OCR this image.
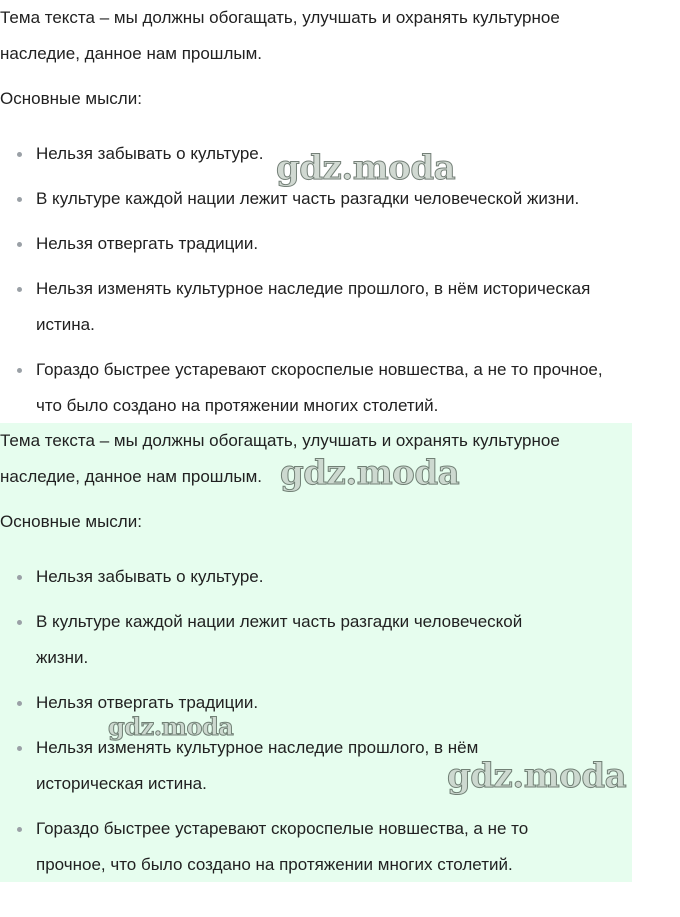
Тема текста – мы должны обогащать, улучшать и охранять культурное
наследие, данное нам прошлым.

Основные мысли:

Нельзя забывать о культуре.
В культуре каждой нации лежит часть разгадки человеческой жизни.
Нельзя отвергать традиции.
Нельзя изменять культурное наследие прошлого, в нём историческая
истина.
Гораздо быстрее устаревают скороспелые новшества, а не то прочное,
что было создано на протяжении многих столетий.

Тема текста – мы должны обогащать, улучшать и охранять культурное
наследие, данное нам прошлым.

Основные мысли:

Нельзя забывать о культуре.
В культуре каждой нации лежит часть разгадки человеческой
жизни.
Нельзя отвергать традиции.
Нельзя изменять культурное наследие прошлого, в нём
историческая истина.
Гораздо быстрее устаревают скороспелые новшества, а не то
прочное, что было создано на протяжении многих столетий.
gdz.moda
gdz.moda
gdz.moda
gdz.moda
